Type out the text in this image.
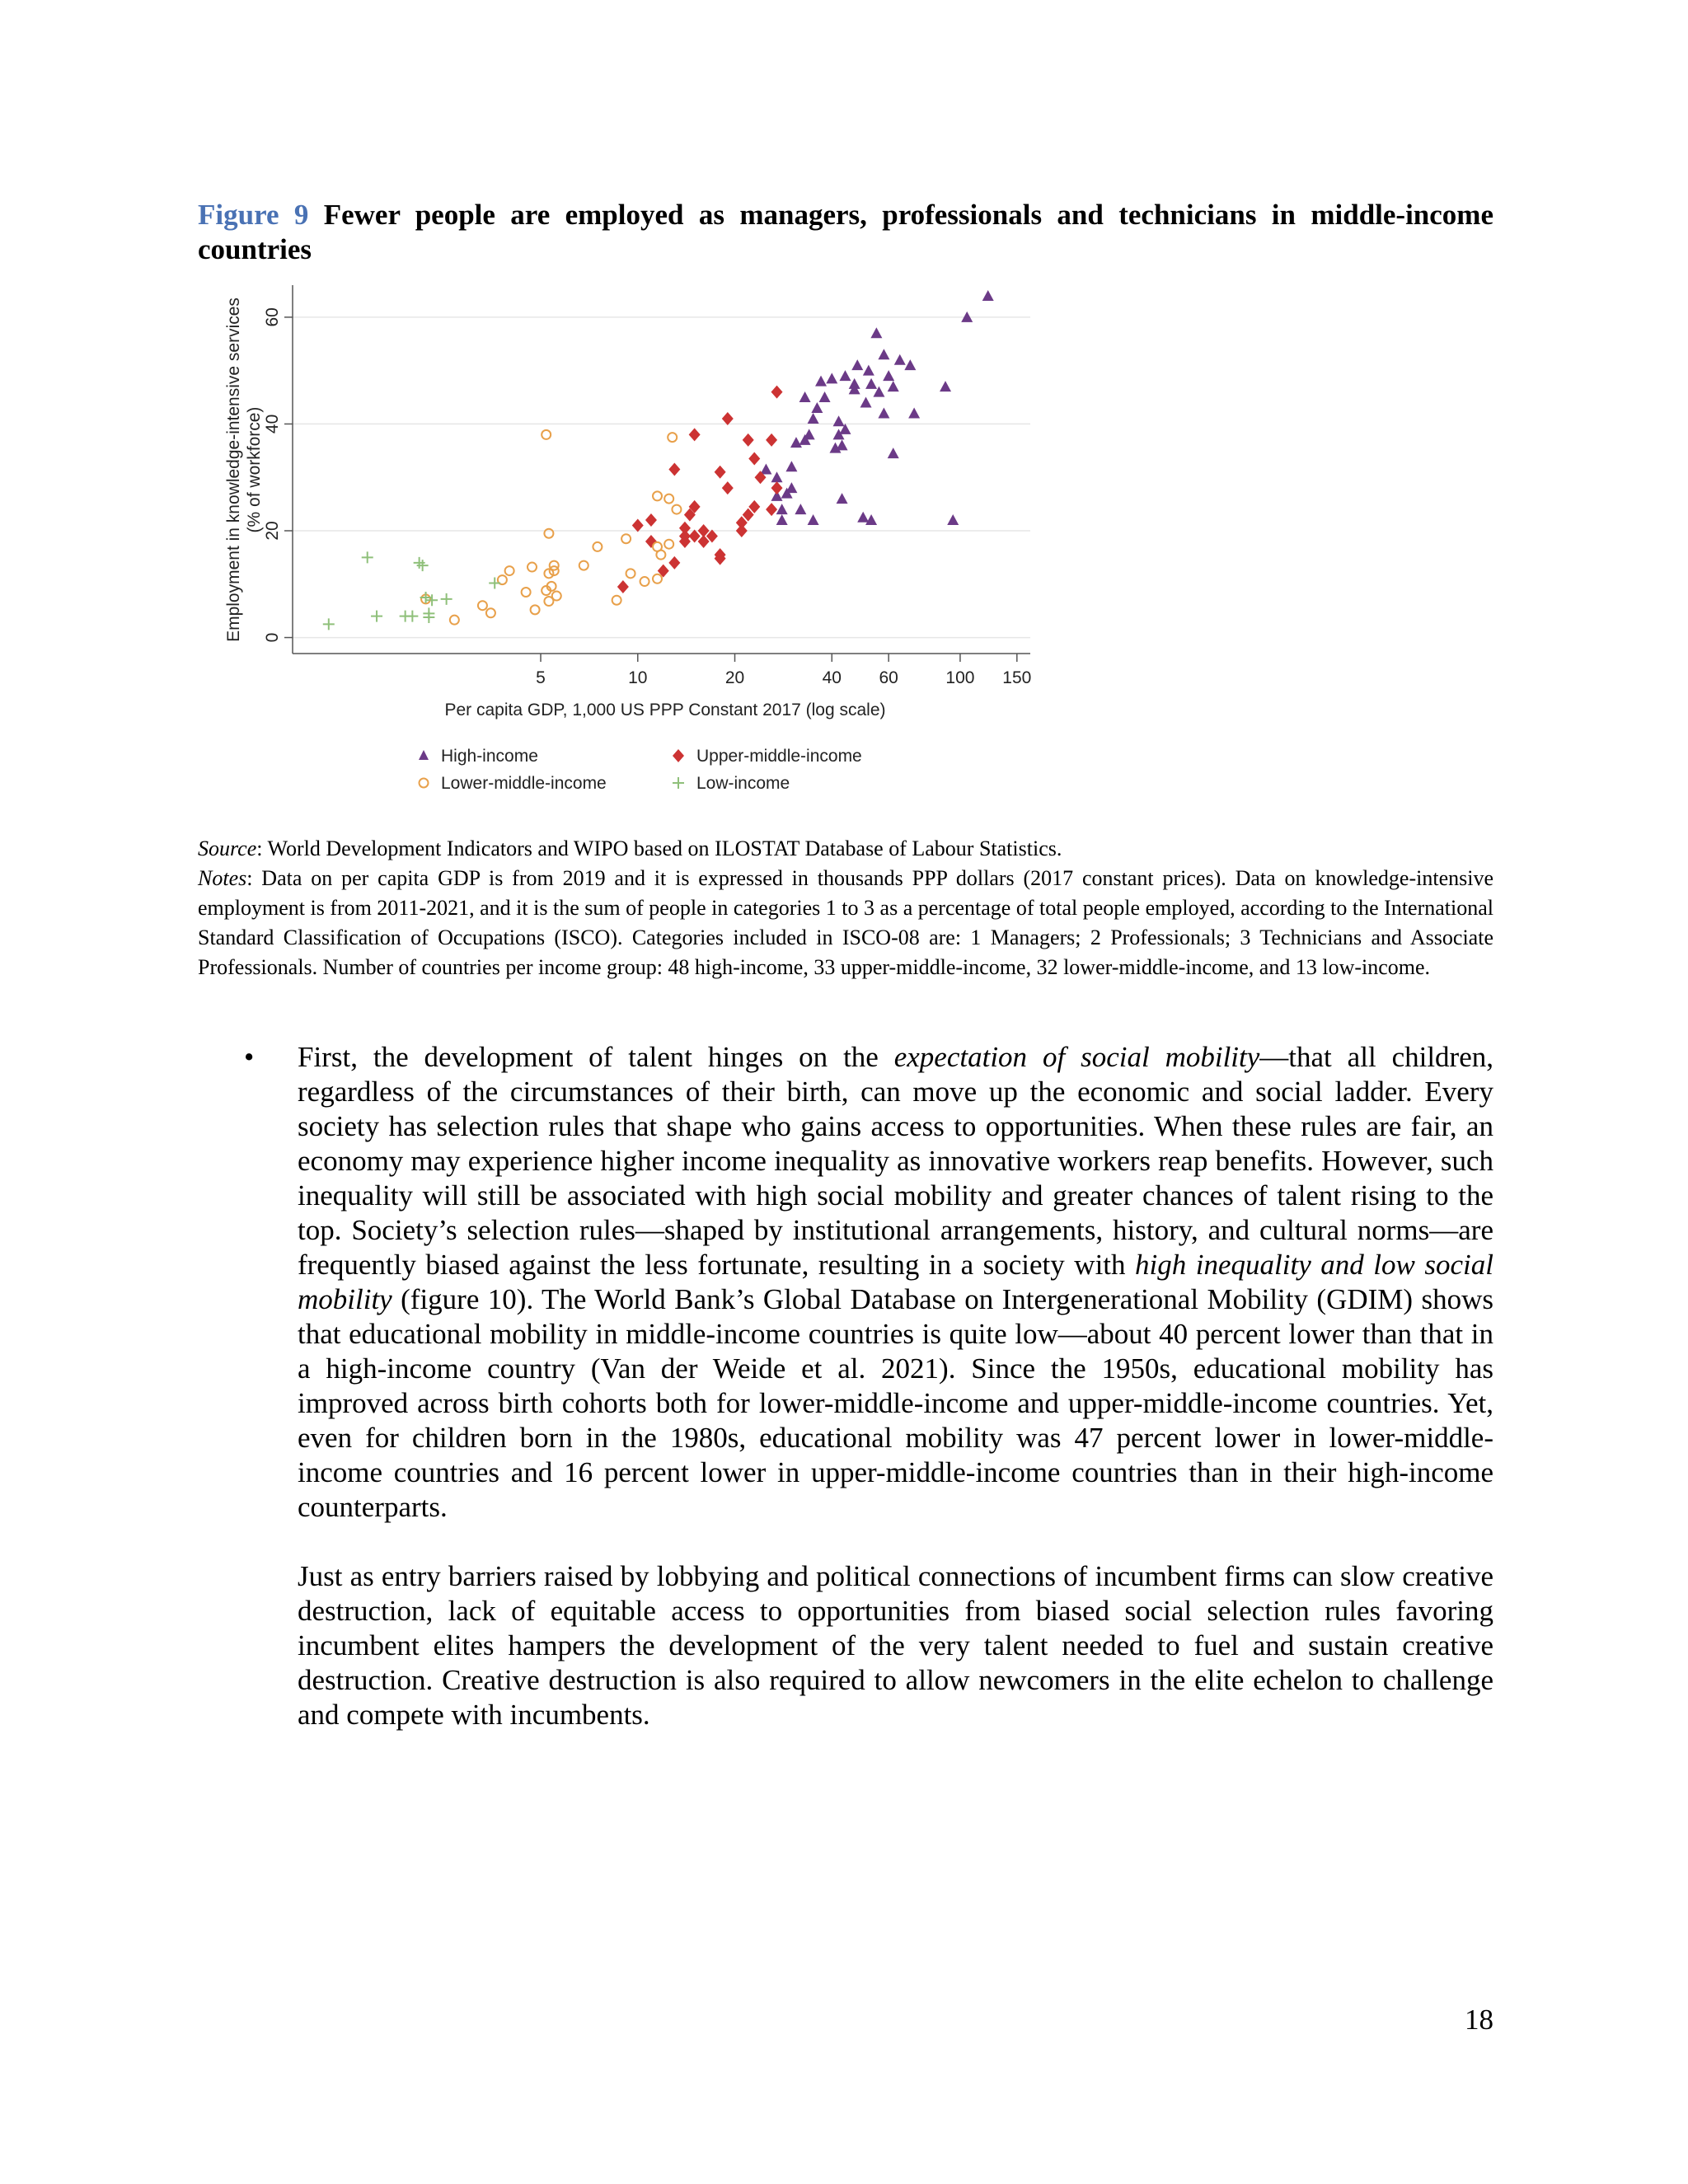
Figure 9 Fewer people are employed as managers, professionals and technicians in middle-income countries
0
20
40
60
5	10	20	40 60	100 150
Employment in knowledge-intensive services (% of workforce)
Per capita GDP, 1,000 US PPP Constant 2017 (log scale)
High-income	Upper-middle-income
Lower-middle-income	Low-income

Source: World Development Indicators and WIPO based on ILOSTAT Database of Labour Statistics.

Notes: Data on per capita GDP is from 2019 and it is expressed in thousands PPP dollars (2017 constant prices). Data on knowledge-intensive employment is from 2011-2021, and it is the sum of people in categories 1 to 3 as a percentage of total people employed, according to the International Standard Classification of Occupations (ISCO). Categories included in ISCO-08 are: 1 Managers; 2 Professionals; 3 Technicians and Associate Professionals. Number of countries per income group: 48 high-income, 33 upper-middle-income, 32 lower-middle-income, and 13 low-income.

• First, the development of talent hinges on the expectation of social mobility—that all children, regardless of the circumstances of their birth, can move up the economic and social ladder. Every society has selection rules that shape who gains access to opportunities. When these rules are fair, an economy may experience higher income inequality as innovative workers reap benefits. However, such inequality will still be associated with high social mobility and greater chances of talent rising to the top. Society’s selection rules—shaped by institutional arrangements, history, and cultural norms—are frequently biased against the less fortunate, resulting in a society with high inequality and low social mobility (figure 10). The World Bank’s Global Database on Intergenerational Mobility (GDIM) shows that educational mobility in middle-income countries is quite low—about 40 percent lower than that in a high-income country (Van der Weide et al. 2021). Since the 1950s, educational mobility has improved across birth cohorts both for lower-middle-income and upper-middle-income countries. Yet, even for children born in the 1980s, educational mobility was 47 percent lower in lower-middle-income countries and 16 percent lower in upper-middle-income countries than in their high-income counterparts.

Just as entry barriers raised by lobbying and political connections of incumbent firms can slow creative destruction, lack of equitable access to opportunities from biased social selection rules favoring incumbent elites hampers the development of the very talent needed to fuel and sustain creative destruction. Creative destruction is also required to allow newcomers in the elite echelon to challenge and compete with incumbents.

18
